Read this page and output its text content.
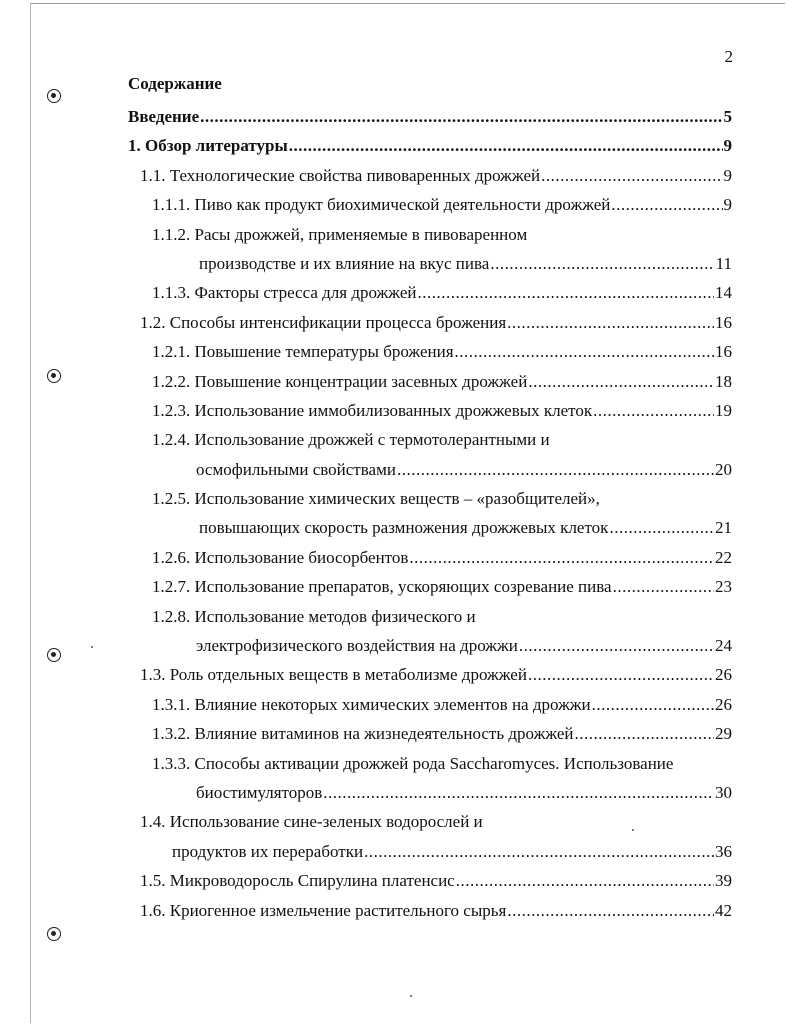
2
Содержание
Введение .....	5
1. Обзор литературы .....	9
1.1. Технологические свойства пивоваренных дрожжей .....	9
1.1.1. Пиво как продукт биохимической деятельности дрожжей .....	9
1.1.2. Расы дрожжей, применяемые в пивоваренном
производстве и их влияние на вкус пива .....	11
1.1.3. Факторы стресса для дрожжей .....	14
1.2. Способы интенсификации процесса брожения .....	16
1.2.1. Повышение температуры брожения .....	16
1.2.2. Повышение концентрации засевных дрожжей .....	18
1.2.3. Использование иммобилизованных дрожжевых клеток .....	19
1.2.4. Использование дрожжей с термотолерантными и
осмофильными свойствами .....	20
1.2.5. Использование химических веществ – «разобщителей»,
повышающих скорость размножения дрожжевых клеток .....	21
1.2.6. Использование биосорбентов .....	22
1.2.7. Использование препаратов, ускоряющих созревание пива .....	23
1.2.8. Использование методов физического и
электрофизического воздействия на дрожжи .....	24
1.3. Роль отдельных веществ в метаболизме дрожжей .....	26
1.3.1. Влияние некоторых химических элементов на дрожжи .....	26
1.3.2. Влияние витаминов на жизнедеятельность дрожжей .....	29
1.3.3. Способы активации дрожжей рода Saccharomyces. Использование
биостимуляторов .....	30
1.4. Использование сине-зеленых водорослей и
продуктов их переработки .....	36
1.5. Микроводоросль Спирулина платенсис .....	39
1.6. Криогенное измельчение растительного сырья .....	42
